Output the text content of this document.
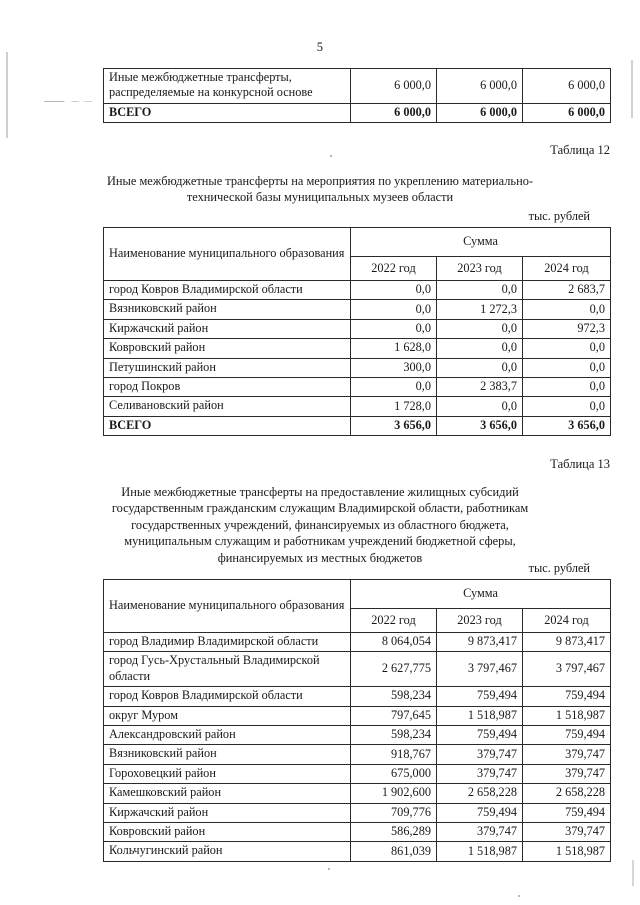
5
Иные межбюджетные трансферты, распределяемые на конкурсной основе	6 000,0	6 000,0	6 000,0
ВСЕГО	6 000,0	6 000,0	6 000,0
Таблица 12
Иные межбюджетные трансферты на мероприятия по укреплению материально-технической базы муниципальных музеев области
тыс. рублей
Наименование муниципального образования	Сумма		
	2022 год	2023 год	2024 год
город Ковров Владимирской области	0,0	0,0	2 683,7
Вязниковский район	0,0	1 272,3	0,0
Киржачский район	0,0	0,0	972,3
Ковровский район	1 628,0	0,0	0,0
Петушинский район	300,0	0,0	0,0
город Покров	0,0	2 383,7	0,0
Селивановский район	1 728,0	0,0	0,0
ВСЕГО	3 656,0	3 656,0	3 656,0
Таблица 13
Иные межбюджетные трансферты на предоставление жилищных субсидий государственным гражданским служащим Владимирской области, работникам государственных учреждений, финансируемых из областного бюджета, муниципальным служащим и работникам учреждений бюджетной сферы, финансируемых из местных бюджетов
тыс. рублей
Наименование муниципального образования	Сумма		
	2022 год	2023 год	2024 год
город Владимир Владимирской области	8 064,054	9 873,417	9 873,417
город Гусь-Хрустальный Владимирской области	2 627,775	3 797,467	3 797,467
город Ковров Владимирской области	598,234	759,494	759,494
округ Муром	797,645	1 518,987	1 518,987
Александровский район	598,234	759,494	759,494
Вязниковский район	918,767	379,747	379,747
Гороховецкий район	675,000	379,747	379,747
Камешковский район	1 902,600	2 658,228	2 658,228
Киржачский район	709,776	759,494	759,494
Ковровский район	586,289	379,747	379,747
Кольчугинский район	861,039	1 518,987	1 518,987
